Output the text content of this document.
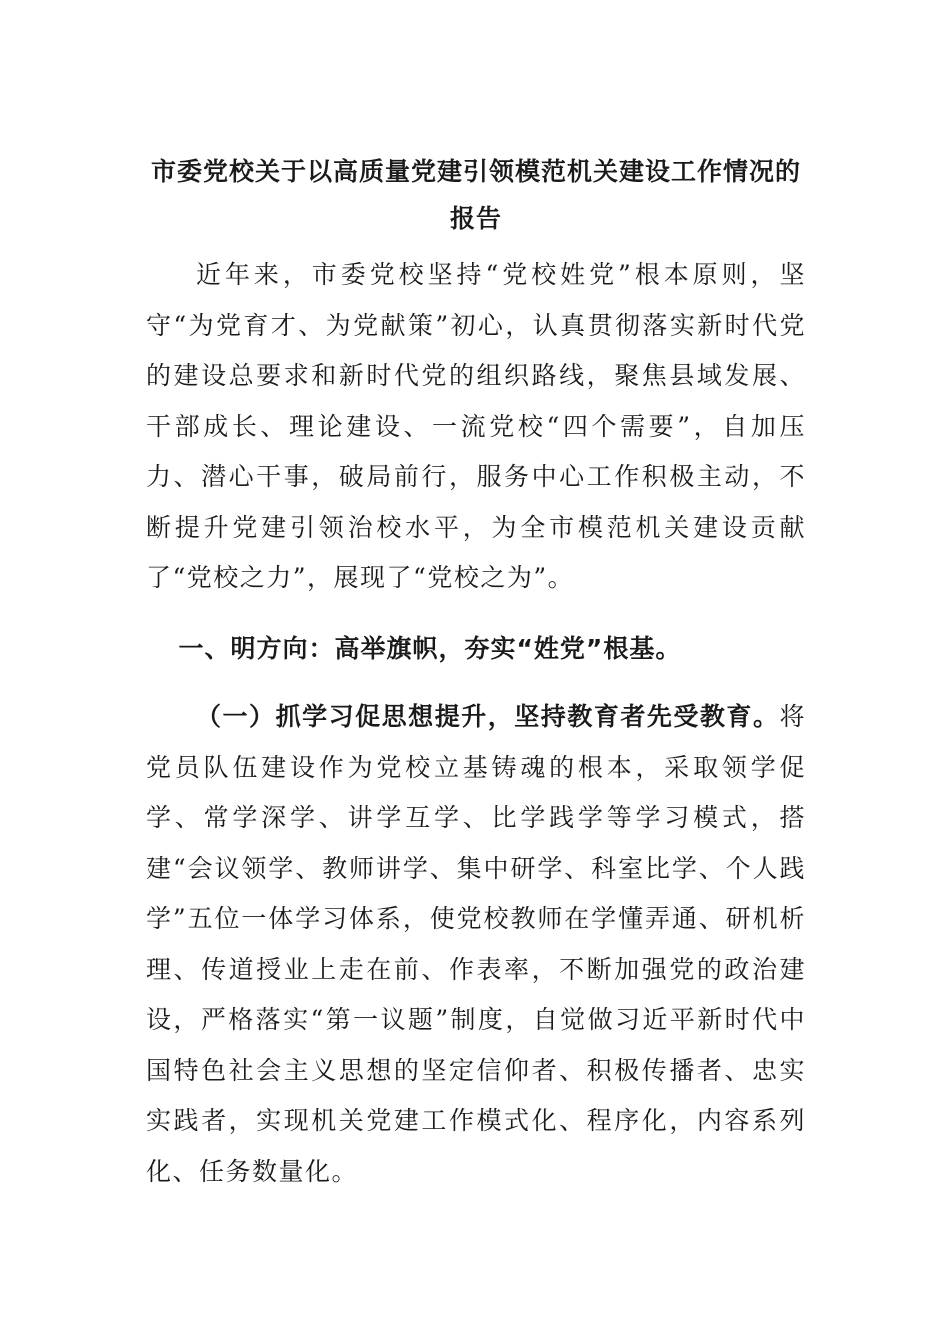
市委党校关于以高质量党建引领模范机关建设工作情况的
报告

近年来，市委党校坚持“党校姓党”根本原则，坚守“为党育才、为党献策”初心，认真贯彻落实新时代党的建设总要求和新时代党的组织路线，聚焦县域发展、干部成长、理论建设、一流党校“四个需要”，自加压力、潜心干事，破局前行，服务中心工作积极主动，不断提升党建引领治校水平，为全市模范机关建设贡献了“党校之力”，展现了“党校之为”。

一、明方向：高举旗帜，夯实“姓党”根基。

（一）抓学习促思想提升，坚持教育者先受教育。将党员队伍建设作为党校立基铸魂的根本，采取领学促学、常学深学、讲学互学、比学践学等学习模式，搭建“会议领学、教师讲学、集中研学、科室比学、个人践学”五位一体学习体系，使党校教师在学懂弄通、研机析理、传道授业上走在前、作表率，不断加强党的政治建设，严格落实“第一议题”制度，自觉做习近平新时代中国特色社会主义思想的坚定信仰者、积极传播者、忠实实践者，实现机关党建工作模式化、程序化，内容系列化、任务数量化。
